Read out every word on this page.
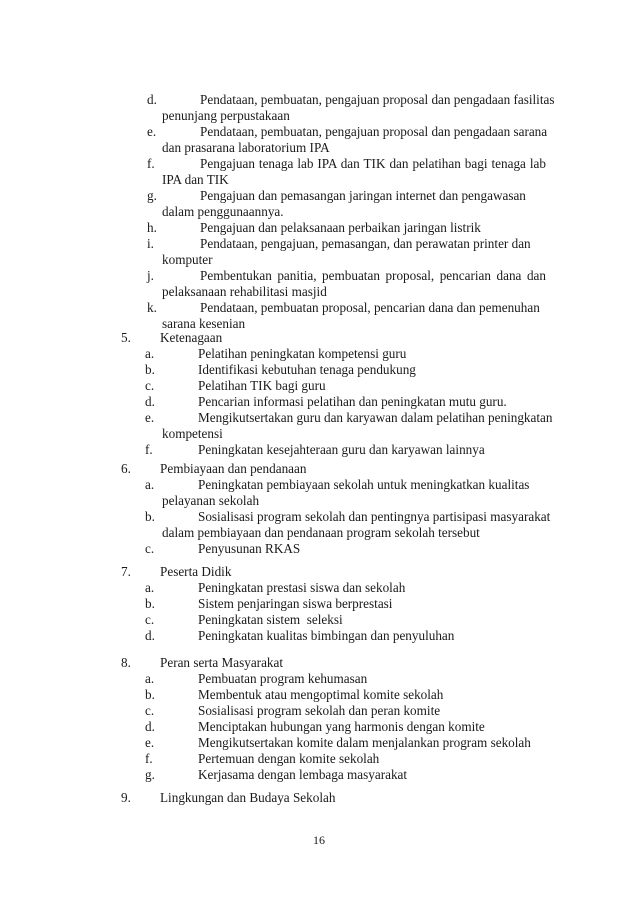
d.	Pendataan, pembuatan, pengajuan proposal dan pengadaan fasilitas
penunjang perpustakaan
e.	Pendataan, pembuatan, pengajuan proposal dan pengadaan sarana
dan prasarana laboratorium IPA
f.	Pengajuan tenaga lab IPA dan TIK dan pelatihan bagi tenaga lab
IPA dan TIK
g.	Pengajuan dan pemasangan jaringan internet dan pengawasan
dalam penggunaannya.
h.	Pengajuan dan pelaksanaan perbaikan jaringan listrik
i.	Pendataan, pengajuan, pemasangan, dan perawatan printer dan
komputer
j.	Pembentukan panitia, pembuatan proposal, pencarian dana dan
pelaksanaan rehabilitasi masjid
k.	Pendataan, pembuatan proposal, pencarian dana dan pemenuhan
sarana kesenian
5. Ketenagaan
a.	Pelatihan peningkatan kompetensi guru
b.	Identifikasi kebutuhan tenaga pendukung
c.	Pelatihan TIK bagi guru
d.	Pencarian informasi pelatihan dan peningkatan mutu guru.
e.	Mengikutsertakan guru dan karyawan dalam pelatihan peningkatan
kompetensi
f.	Peningkatan kesejahteraan guru dan karyawan lainnya
6. Pembiayaan dan pendanaan
a.	Peningkatan pembiayaan sekolah untuk meningkatkan kualitas
pelayanan sekolah
b.	Sosialisasi program sekolah dan pentingnya partisipasi masyarakat
dalam pembiayaan dan pendanaan program sekolah tersebut
c.	Penyusunan RKAS
7. Peserta Didik
a.	Peningkatan prestasi siswa dan sekolah
b.	Sistem penjaringan siswa berprestasi
c.	Peningkatan sistem  seleksi
d.	Peningkatan kualitas bimbingan dan penyuluhan
8. Peran serta Masyarakat
a.	Pembuatan program kehumasan
b.	Membentuk atau mengoptimal komite sekolah
c.	Sosialisasi program sekolah dan peran komite
d.	Menciptakan hubungan yang harmonis dengan komite
e.	Mengikutsertakan komite dalam menjalankan program sekolah
f.	Pertemuan dengan komite sekolah
g.	Kerjasama dengan lembaga masyarakat
9. Lingkungan dan Budaya Sekolah
16
